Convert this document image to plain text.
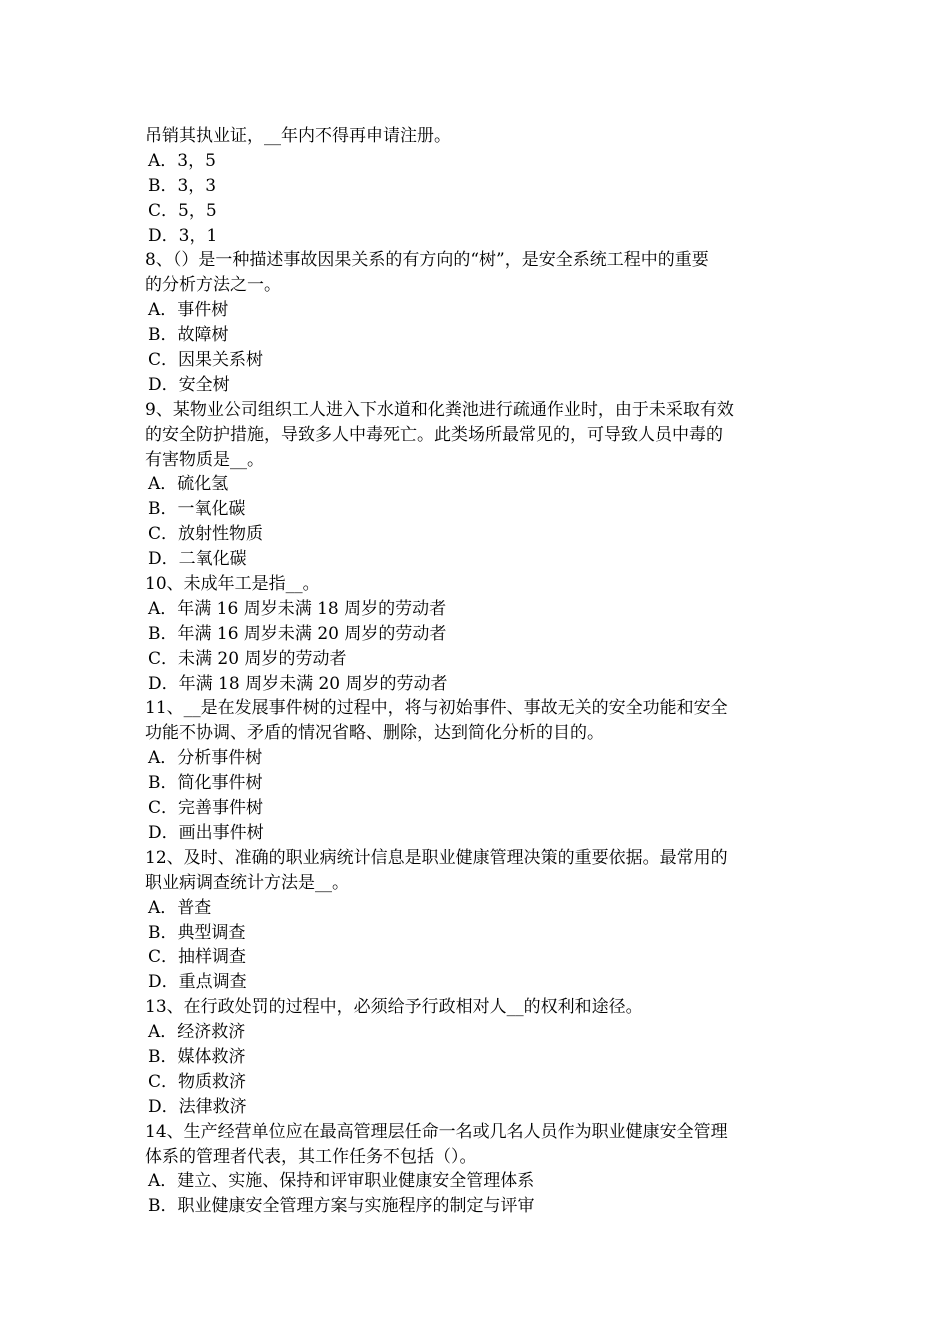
吊销其执业证，__年内不得再申请注册。
A．3，5
B．3，3
C．5，5
D．3，1
8、（）是一种描述事故因果关系的有方向的“树”，是安全系统工程中的重要
的分析方法之一。
A．事件树
B．故障树
C．因果关系树
D．安全树
9、某物业公司组织工人进入下水道和化粪池进行疏通作业时，由于未采取有效
的安全防护措施，导致多人中毒死亡。此类场所最常见的，可导致人员中毒的
有害物质是__。
A．硫化氢
B．一氧化碳
C．放射性物质
D．二氧化碳
10、未成年工是指__。
A．年满 16 周岁未满 18 周岁的劳动者
B．年满 16 周岁未满 20 周岁的劳动者
C．未满 20 周岁的劳动者
D．年满 18 周岁未满 20 周岁的劳动者
11、__是在发展事件树的过程中，将与初始事件、事故无关的安全功能和安全
功能不协调、矛盾的情况省略、删除，达到简化分析的目的。
A．分析事件树
B．简化事件树
C．完善事件树
D．画出事件树
12、及时、准确的职业病统计信息是职业健康管理决策的重要依据。最常用的
职业病调查统计方法是__。
A．普查
B．典型调查
C．抽样调查
D．重点调查
13、在行政处罚的过程中，必须给予行政相对人__的权利和途径。
A．经济救济
B．媒体救济
C．物质救济
D．法律救济
14、生产经营单位应在最高管理层任命一名或几名人员作为职业健康安全管理
体系的管理者代表，其工作任务不包括（）。
A．建立、实施、保持和评审职业健康安全管理体系
B．职业健康安全管理方案与实施程序的制定与评审
